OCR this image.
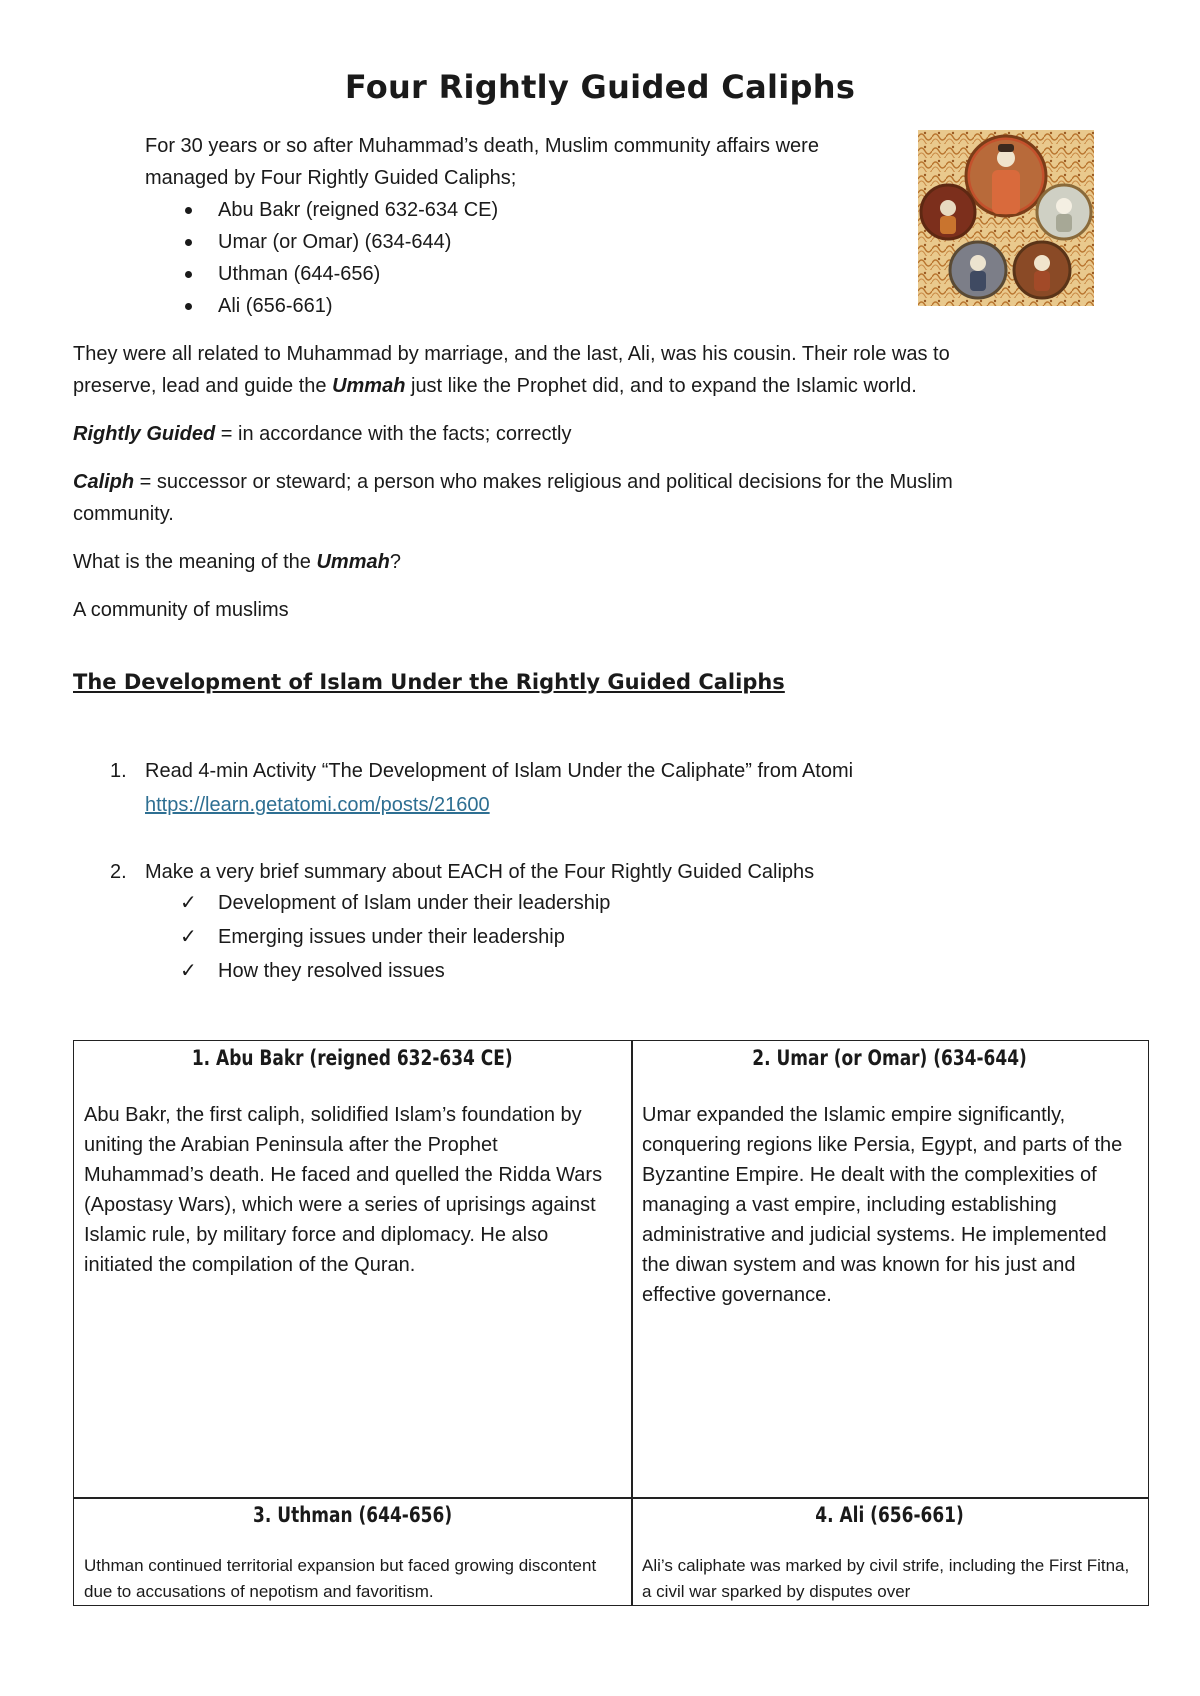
Four Rightly Guided Caliphs

For 30 years or so after Muhammad’s death, Muslim community affairs were

managed by Four Rightly Guided Caliphs;

Abu Bakr (reigned 632-634 CE)
Umar (or Omar) (634-644)
Uthman (644-656)
Ali (656-661)

They were all related to Muhammad by marriage, and the last, Ali, was his cousin. Their role was to

preserve, lead and guide the Ummah just like the Prophet did, and to expand the Islamic world.

Rightly Guided = in accordance with the facts; correctly

Caliph = successor or steward; a person who makes religious and political decisions for the Muslim

community.

What is the meaning of the Ummah?

A community of muslims

The Development of Islam Under the Rightly Guided Caliphs
1. Read 4-min Activity “The Development of Islam Under the Caliphate” from Atomi
https://learn.getatomi.com/posts/21600
2. Make a very brief summary about EACH of the Four Rightly Guided Caliphs
✓ Development of Islam under their leadership
✓ Emerging issues under their leadership
✓ How they resolved issues
1. Abu Bakr (reigned 632-634 CE)
Abu Bakr, the first caliph, solidified Islam’s foundation by uniting the Arabian Peninsula after the Prophet Muhammad’s death. He faced and quelled the Ridda Wars (Apostasy Wars), which were a series of uprisings against Islamic rule, by military force and diplomacy. He also initiated the compilation of the Quran.
2. Umar (or Omar) (634-644)
Umar expanded the Islamic empire significantly, conquering regions like Persia, Egypt, and parts of the Byzantine Empire. He dealt with the complexities of managing a vast empire, including establishing administrative and judicial systems. He implemented the diwan system and was known for his just and effective governance.
3. Uthman (644-656)
Uthman continued territorial expansion but faced growing discontent due to accusations of nepotism and favoritism.
4. Ali (656-661)
Ali’s caliphate was marked by civil strife, including the First Fitna, a civil war sparked by disputes over
